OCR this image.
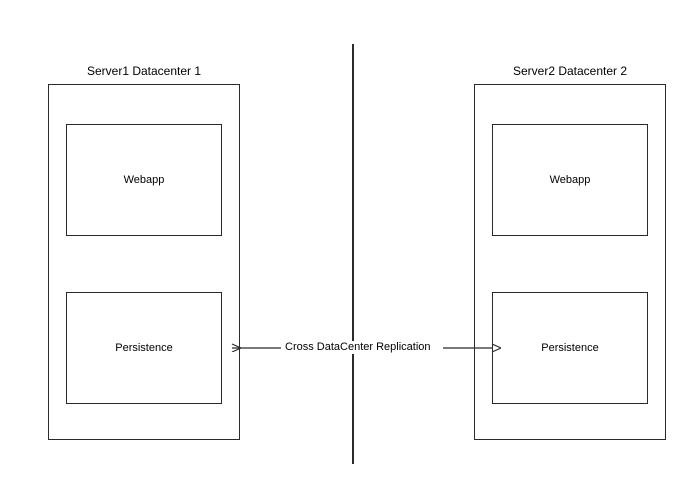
Server1 Datacenter 1
Webapp
Persistence
Server2 Datacenter 2
Webapp
Persistence
Cross DataCenter Replication
